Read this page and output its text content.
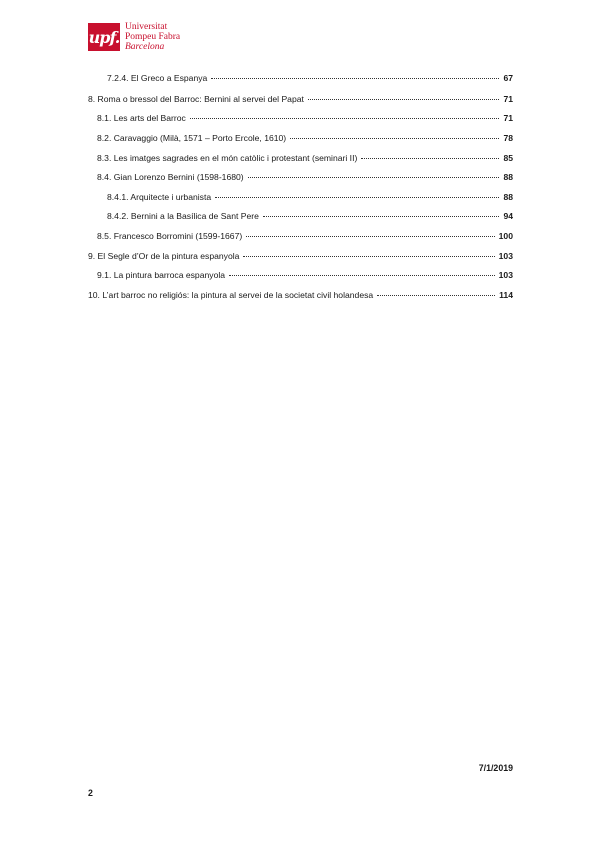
upf.
Universitat
Pompeu Fabra
Barcelona
7.2.4. El Greco a Espanya	67
8. Roma o bressol del Barroc: Bernini al servei del Papat	71
8.1. Les arts del Barroc	71
8.2. Caravaggio (Milà, 1571 – Porto Ercole, 1610)	78
8.3. Les imatges sagrades en el món catòlic i protestant (seminari II)	85
8.4. Gian Lorenzo Bernini (1598-1680)	88
8.4.1. Arquitecte i urbanista	88
8.4.2. Bernini a la Basílica de Sant Pere	94
8.5. Francesco Borromini (1599-1667)	100
9. El Segle d’Or de la pintura espanyola	103
9.1. La pintura barroca espanyola	103
10. L’art barroc no religiós: la pintura al servei de la societat civil holandesa	114
7/1/2019
2
